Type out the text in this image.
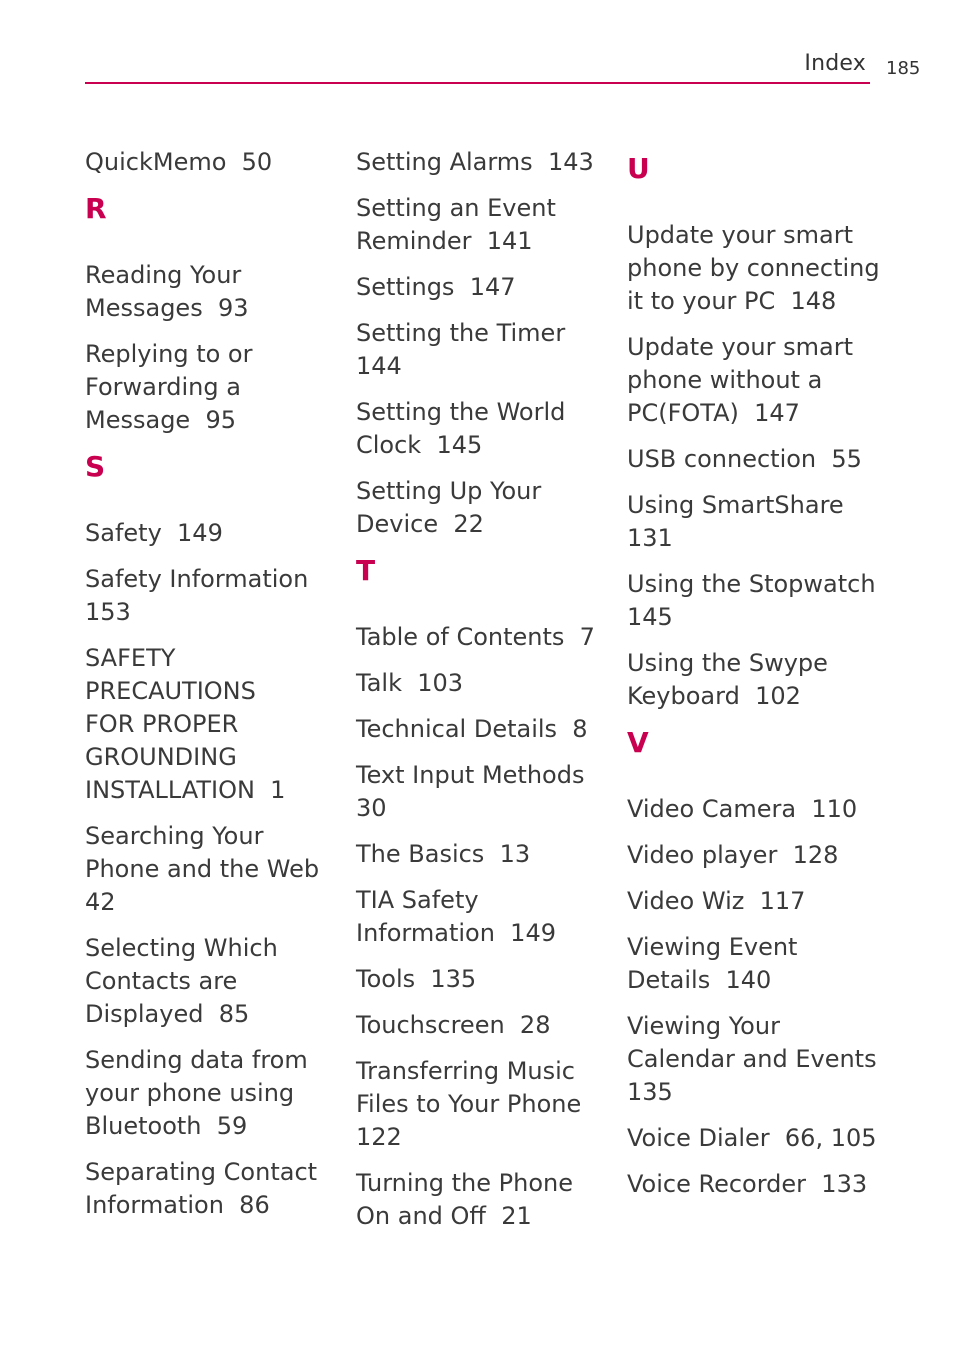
Index 185
QuickMemo  50
R
Reading Your
Messages  93
Replying to or
Forwarding a
Message  95
S
Safety  149
Safety Information
153
SAFETY
PRECAUTIONS
FOR PROPER
GROUNDING
INSTALLATION  1
Searching Your
Phone and the Web
42
Selecting Which
Contacts are
Displayed  85
Sending data from
your phone using
Bluetooth  59
Separating Contact
Information  86
Setting Alarms  143
Setting an Event
Reminder  141
Settings  147
Setting the Timer
144
Setting the World
Clock  145
Setting Up Your
Device  22
T
Table of Contents  7
Talk  103
Technical Details  8
Text Input Methods
30
The Basics  13
TIA Safety
Information  149
Tools  135
Touchscreen  28
Transferring Music
Files to Your Phone
122
Turning the Phone
On and Off  21
U
Update your smart
phone by connecting
it to your PC  148
Update your smart
phone without a
PC(FOTA)  147
USB connection  55
Using SmartShare
131
Using the Stopwatch
145
Using the Swype
Keyboard  102
V
Video Camera  110
Video player  128
Video Wiz  117
Viewing Event
Details  140
Viewing Your
Calendar and Events
135
Voice Dialer  66, 105
Voice Recorder  133
